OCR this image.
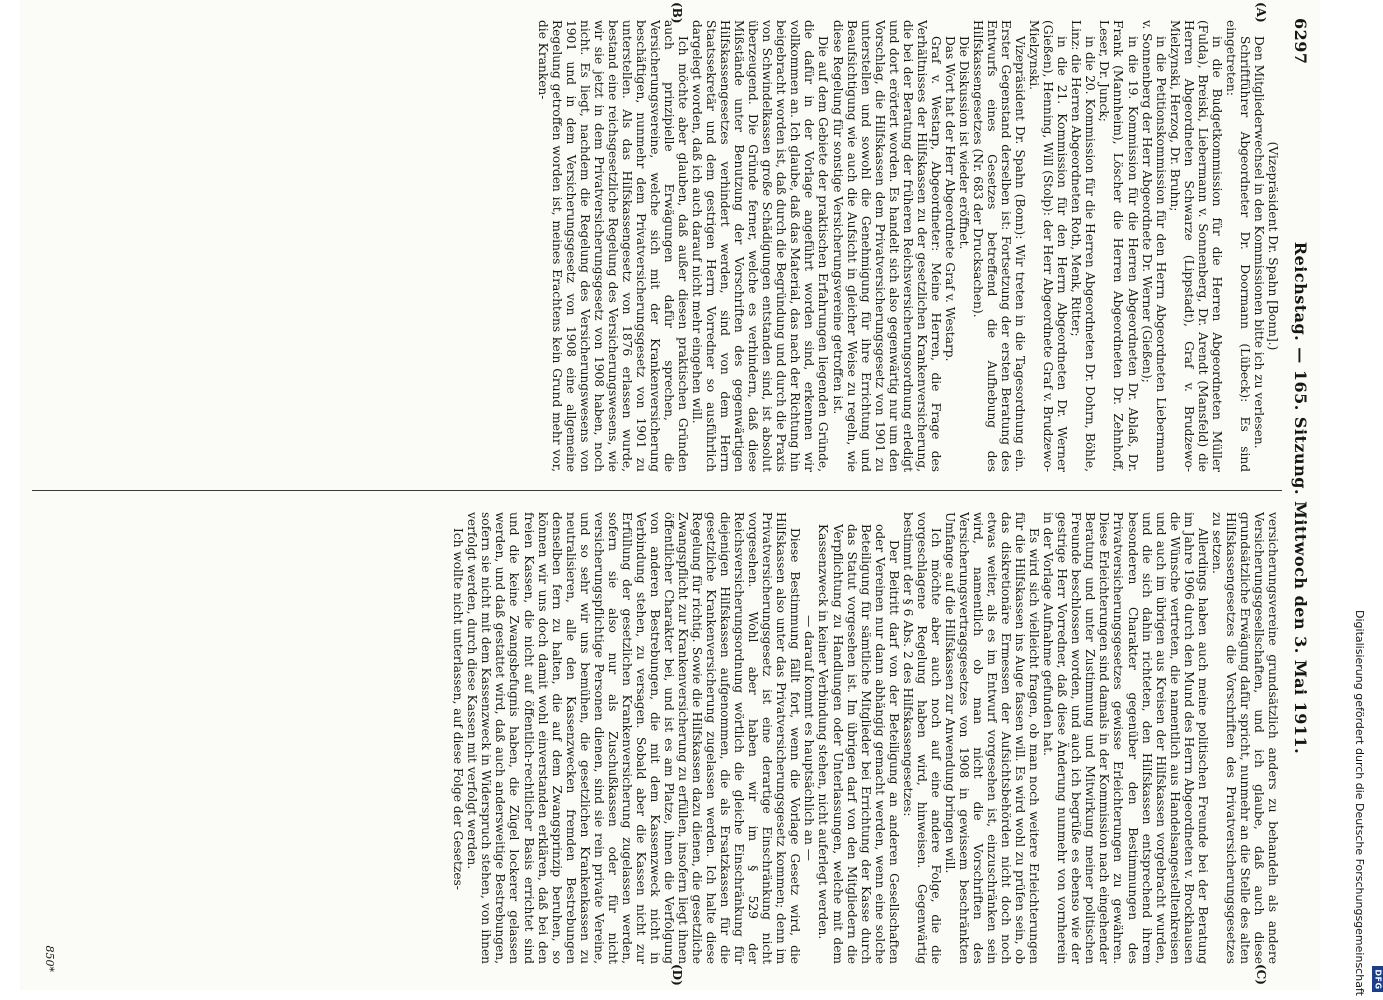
6297
Reichstag. — 165. Sitzung. Mittwoch den 3. Mai 1911.
(A)
(B)
(C)
(D)

(Vizepräsident Dr. Spahn [Bonn].)

Den Mitgliederwechsel in den Kommissionen bitte ich zu verlesen.

Schriftführer Abgeordneter Dr. Doormann (Lübeck): Es sind eingetreten:

in die Budgetkommission für die Herren Abgeordneten Müller (Fulda), Breiski, Liebermann v. Sonnenberg, Dr. Arendt (Mansfeld) die Herren Abgeordneten Schwarze (Lippstadt), Graf v. Brudzewo-Mielzynski, Herzog, Dr. Bruhn;

in die Petitionskommission für den Herrn Abgeordneten Liebermann v. Sonnenberg der Herr Abgeordnete Dr. Werner (Gießen);

in die 19. Kommission für die Herren Abgeordneten Dr. Ablaß, Dr. Frank (Mannheim), Löscher die Herren Abgeordneten Dr. Zehnhoff, Leser, Dr. Junck;

in die 20. Kommission für die Herren Abgeordneten Dr. Dohrn, Böhle, Linz: die Herren Abgeordneten Roth, Menk, Ritter;

in die 21. Kommission für den Herrn Abgeordneten Dr. Werner (Gießen), Henning, Will (Stolp): der Herr Abgeordnete Graf v. Brudzewo-Mielzynski.

Vizepräsident Dr. Spahn (Bonn): Wir treten in die Tagesordnung ein. Erster Gegenstand derselben ist: Fortsetzung der ersten Beratung des Entwurfs eines Gesetzes betreffend die Aufhebung des Hilfskassengesetzes (Nr. 683 der Drucksachen).

Die Diskussion ist wieder eröffnet.

Das Wort hat der Herr Abgeordnete Graf v. Westarp.

Graf v. Westarp, Abgeordneter: Meine Herren, die Frage des Verhältnisses der Hilfskassen zu der gesetzlichen Krankenversicherung, die bei der Beratung der früheren Reichsversicherungsordnung erledigt und dort erörtert worden. Es handelt sich also gegenwärtig nur um den Vorschlag, die Hilfskassen dem Privatversicherungsgesetz von 1901 zu unterstellen und sowohl die Genehmigung für ihre Errichtung und Beaufsichtigung wie auch die Aufsicht in gleicher Weise zu regeln, wie diese Regelung für sonstige Versicherungsvereine getroffen ist.

Die auf dem Gebiete der praktischen Erfahrungen liegenden Gründe, die dafür in der Vorlage angeführt worden sind, erkennen wir vollkommen an. Ich glaube, daß das Material, das nach der Richtung hin beigebracht worden ist, daß durch die Begründung und durch die Praxis von Schwindelkassen große Schädigungen entstanden sind, ist absolut überzeugend. Die Gründe ferner, welche es verhindern, daß diese Mißstände unter Benutzung der Vorschriften des gegenwärtigen Hilfskassengesetzes verhindert werden, sind von dem Herrn Staatssekretär und dem gestrigen Herrn Vorredner so ausführlich dargelegt worden, daß ich auch darauf nicht mehr eingehen will.

Ich möchte aber glauben, daß außer diesen praktischen Gründen auch prinzipielle Erwägungen dafür sprechen, die Versicherungsvereine, welche sich mit der Krankenversicherung beschäftigen, nunmehr dem Privatversicherungsgesetz von 1901 zu unterstellen. Als das Hilfskassengesetz von 1876 erlassen wurde, bestand eine reichsgesetzliche Regelung des Versicherungswesens, wie wir sie jetzt in dem Privatversicherungsgesetz von 1908 haben, noch nicht. Es liegt, nachdem die Regelung des Versicherungswesens von 1901 und in dem Versicherungsgesetz von 1908 eine allgemeine Regelung getroffen worden ist, meines Erachtens kein Grund mehr vor, die Kranken-

versicherungsvereine grundsätzlich anders zu behandeln als andere Versicherungsgesellschaften, und ich glaube, daß auch diese grundsätzliche Erwägung dafür spricht, nunmehr an die Stelle des alten Hilfskassengesetzes die Vorschriften des Privatversicherungsgesetzes zu setzen.

Allerdings haben auch meine politischen Freunde bei der Beratung im Jahre 1906 durch den Mund des Herrn Abgeordneten v. Brockhausen die Wünsche vertreten, die namentlich aus Handelsangestelltenkreisen und auch im übrigen aus Kreisen der Hilfskassen vorgebracht wurden, und die sich dahin richteten, den Hilfskassen entsprechend ihrem besonderen Charakter gegenüber den Bestimmungen des Privatversicherungsgesetzes gewisse Erleichterungen zu gewähren. Diese Erleichterungen sind damals in der Kommission nach eingehender Beratung und unter Zustimmung und Mitwirkung meiner politischen Freunde beschlossen worden, und auch ich begrüße es ebenso wie der gestrige Herr Vorredner, daß diese Änderung nunmehr von vornherein in der Vorlage Aufnahme gefunden hat.

Es wird sich vielleicht fragen, ob man noch weitere Erleichterungen für die Hilfskassen ins Auge fassen will. Es wird wohl zu prüfen sein, ob das diskretionäre Ermessen der Aufsichtsbehörden nicht doch noch etwas weiter, als es im Entwurf vorgesehen ist, einzuschränken sein wird, namentlich ob man nicht die Vorschriften des Versicherungsvertragsgesetzes von 1908 in gewissem beschränkten Umfange auf die Hilfskassen zur Anwendung bringen will.

Ich möchte aber auch noch auf eine andere Folge, die die vorgeschlagene Regelung haben wird, hinweisen. Gegenwärtig bestimmt der § 6 Abs. 2 des Hilfskassengesetzes:

Der Beitritt darf von der Beteiligung an anderen Gesellschaften oder Vereinen nur dann abhängig gemacht werden, wenn eine solche Beteiligung für sämtliche Mitglieder bei Errichtung der Kasse durch das Statut vorgesehen ist. Im übrigen darf von den Mitgliedern die Verpflichtung zu Handlungen oder Unterlassungen, welche mit dem Kassenzweck in keiner Verbindung stehen, nicht auferlegt werden.

— darauf kommt es hauptsächlich an —

Diese Bestimmung fällt fort, wenn die Vorlage Gesetz wird, die Hilfskassen also unter das Privatversicherungsgesetz kommen; denn im Privatversicherungsgesetz ist eine derartige Einschränkung nicht vorgesehen. Wohl aber haben wir im § 529 der Reichsversicherungsordnung wörtlich die gleiche Einschränkung für diejenigen Hilfskassen aufgenommen, die als Ersatzkassen für die gesetzliche Krankenversicherung zugelassen werden. Ich halte diese Regelung für richtig. Sowie die Hilfskassen dazu dienen, die gesetzliche Zwangspflicht zur Krankenversicherung zu erfüllen, insofern liegt ihnen öffentlicher Charakter bei, und ist es am Platze, ihnen die Verfolgung von anderen Bestrebungen, die mit dem Kassenzweck nicht in Verbindung stehen, zu versagen. Sobald aber die Kassen nicht zur Erfüllung der gesetzlichen Krankenversicherung zugelassen werden, sofern sie also nur als Zuschußkassen oder für nicht versicherungspflichtige Personen dienen, sind sie rein private Vereine, und so sehr wir uns bemühen, die gesetzlichen Krankenkassen zu neutralisieren, alle den Kassenzwecken fremden Bestrebungen denselben fern zu halten, die auf dem Zwangsprinzip beruhen, so können wir uns doch damit wohl einverstanden erklären, daß bei den freien Kassen, die nicht auf öffentlich-rechtlicher Basis errichtet sind und die keine Zwangsbefugnis haben, die Zügel lockerer gelassen werden, und daß gestattet wird, daß auch andersweitige Bestrebungen, sofern sie nicht mit dem Kassenzweck in Widerspruch stehen, von ihnen verfolgt werden, durch diese Kassen mit verfolgt werden.

Ich wollte nicht unterlassen, auf diese Folge der Gesetzes-

850*	Digitalisierung gefördert durch die Deutsche Forschungsgemeinschaft DFG
